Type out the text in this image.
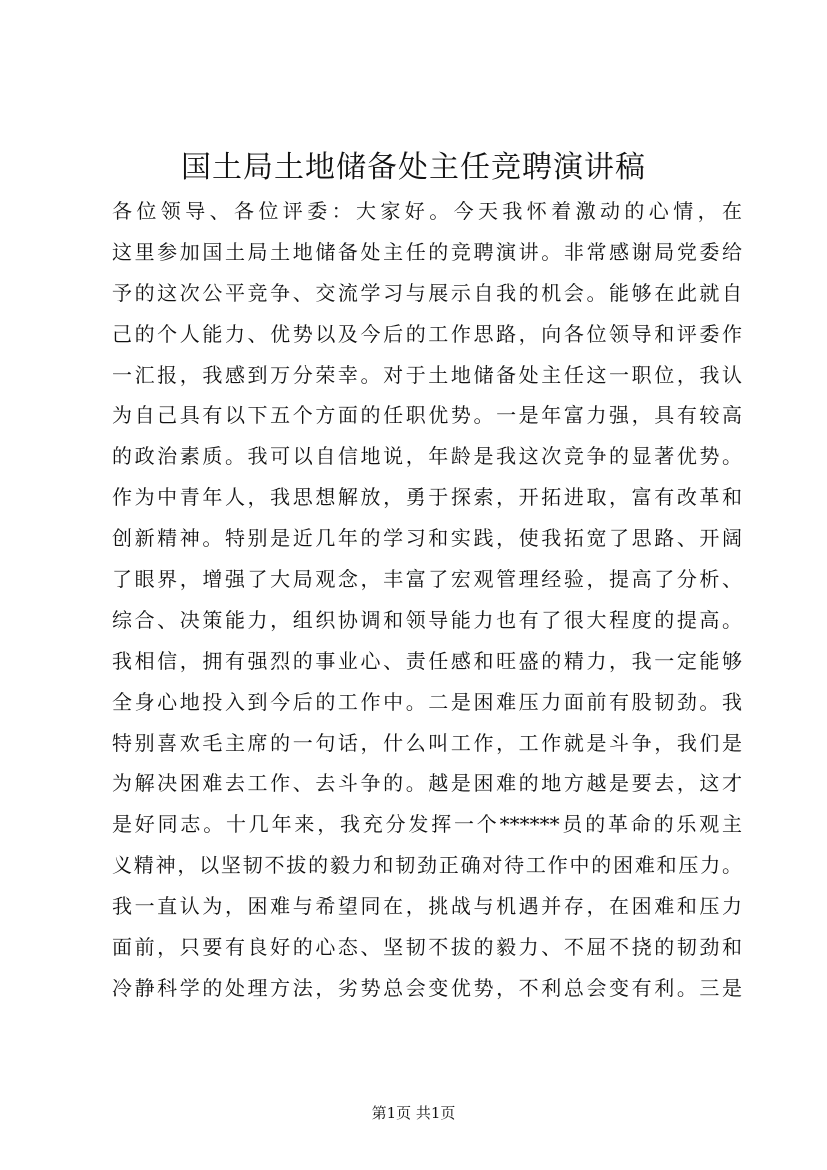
国土局土地储备处主任竞聘演讲稿
各位领导、各位评委：大家好。今天我怀着激动的心情，在
这里参加国土局土地储备处主任的竞聘演讲。非常感谢局党委给
予的这次公平竞争、交流学习与展示自我的机会。能够在此就自
己的个人能力、优势以及今后的工作思路，向各位领导和评委作
一汇报，我感到万分荣幸。对于土地储备处主任这一职位，我认
为自己具有以下五个方面的任职优势。一是年富力强，具有较高
的政治素质。我可以自信地说，年龄是我这次竞争的显著优势。
作为中青年人，我思想解放，勇于探索，开拓进取，富有改革和
创新精神。特别是近几年的学习和实践，使我拓宽了思路、开阔
了眼界，增强了大局观念，丰富了宏观管理经验，提高了分析、
综合、决策能力，组织协调和领导能力也有了很大程度的提高。
我相信，拥有强烈的事业心、责任感和旺盛的精力，我一定能够
全身心地投入到今后的工作中。二是困难压力面前有股韧劲。我
特别喜欢毛主席的一句话，什么叫工作，工作就是斗争，我们是
为解决困难去工作、去斗争的。越是困难的地方越是要去，这才
是好同志。十几年来，我充分发挥一个******员的革命的乐观主
义精神，以坚韧不拔的毅力和韧劲正确对待工作中的困难和压力。
我一直认为，困难与希望同在，挑战与机遇并存，在困难和压力
面前，只要有良好的心态、坚韧不拔的毅力、不屈不挠的韧劲和
冷静科学的处理方法，劣势总会变优势，不利总会变有利。三是
第1页 共1页
